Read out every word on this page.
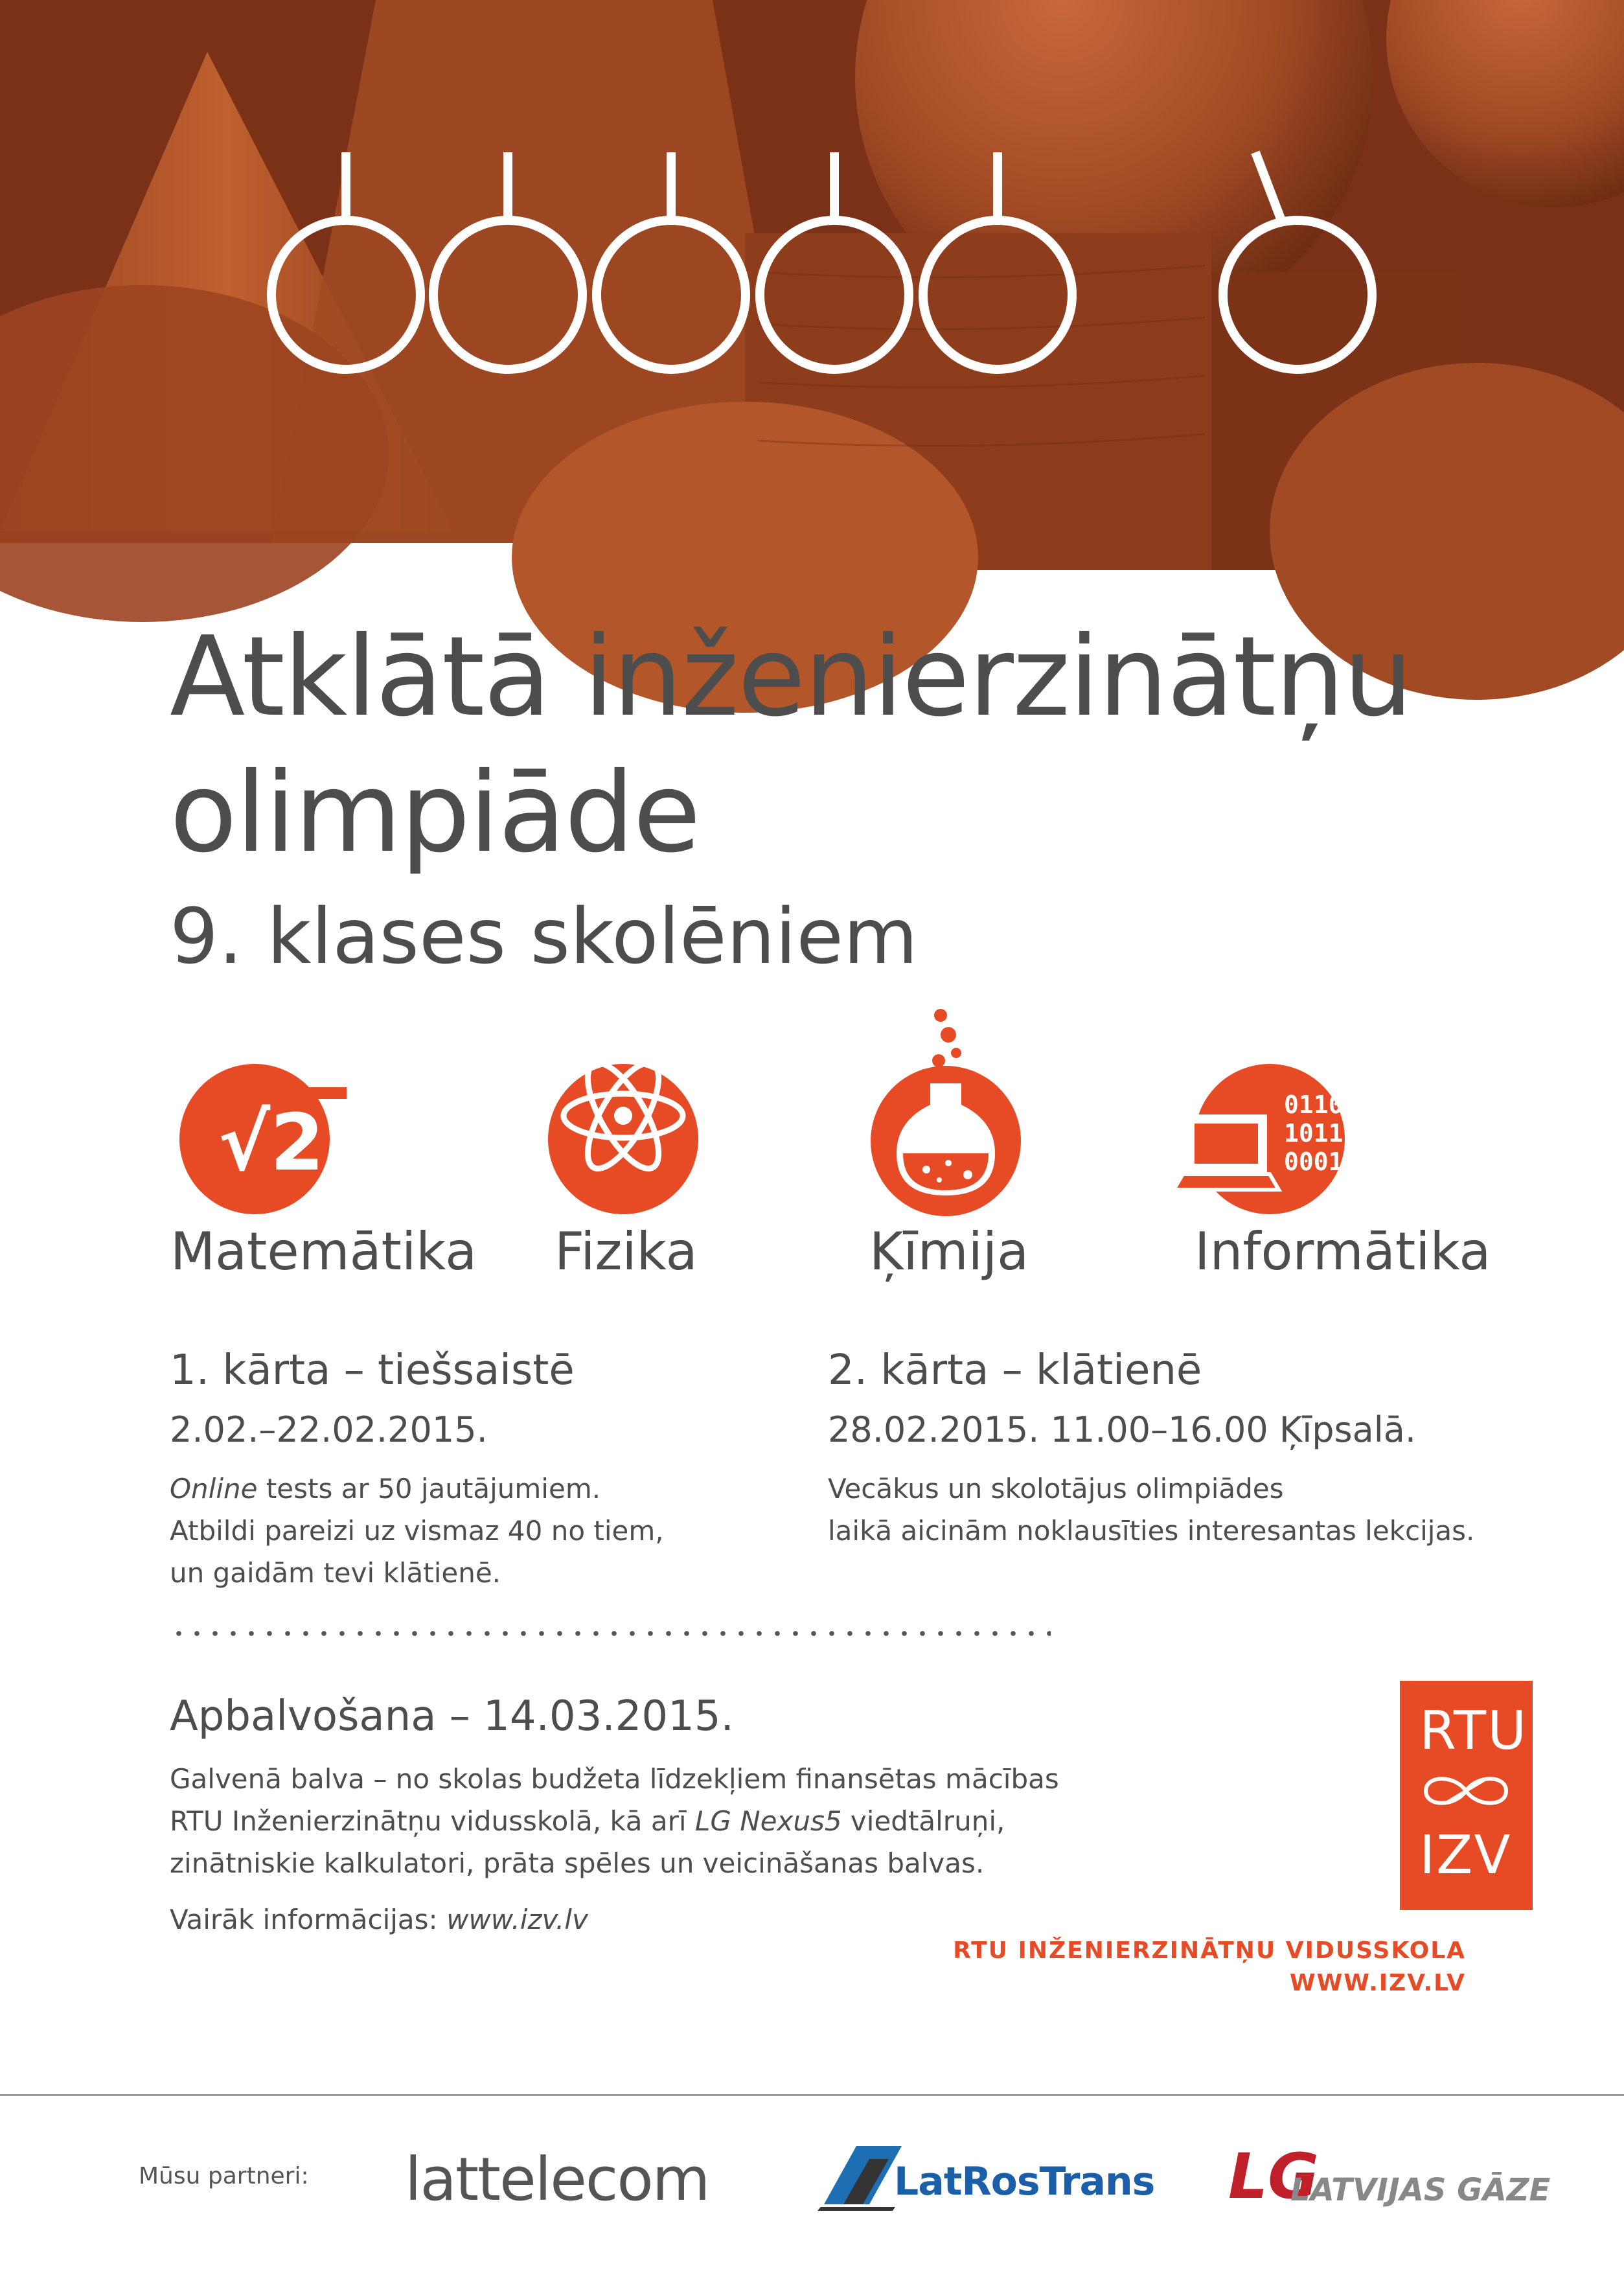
Atklātā inženierzinātņu
olimpiāde
9. klases skolēniem
√2
Matemātika Fizika	Ķīmija
0110
1011
0001
Informātika
1. kārta – tiešsaistē
2.02.–22.02.2015.
Online tests ar 50 jautājumiem.
Atbildi pareizi uz vismaz 40 no tiem,
un gaidām tevi klātienē.
2. kārta – klātienē
28.02.2015. 11.00–16.00 Ķīpsalā.
Vecākus un skolotājus olimpiādes
laikā aicinām noklausīties interesantas lekcijas.
Apbalvošana – 14.03.2015.
Galvenā balva – no skolas budžeta līdzekļiem finansētas mācības
RTU Inženierzinātņu vidusskolā, kā arī LG Nexus5 viedtālruņi,
zinātniskie kalkulatori, prāta spēles un veicināšanas balvas.
Vairāk informācijas: www.izv.lv
RTU
IZV
RTU INŽENIERZINĀTŅU VIDUSSKOLA
WWW.IZV.LV
Mūsu partneri: lattelecom	LatRosTrans LG
LATVIJAS GĀZE
